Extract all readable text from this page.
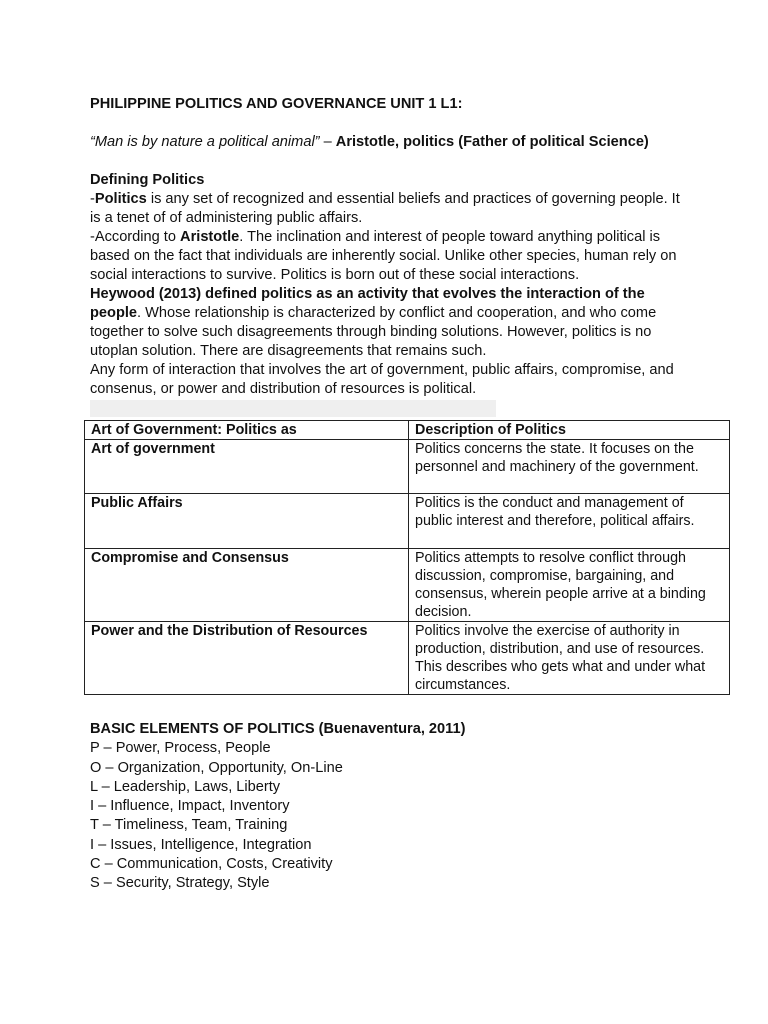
PHILIPPINE POLITICS AND GOVERNANCE UNIT 1 L1:

“Man is by nature a political animal” – Aristotle, politics (Father of political Science)

Defining Politics

-Politics is any set of recognized and essential beliefs and practices of governing people. It is a tenet of of administering public affairs.

-According to Aristotle. The inclination and interest of people toward anything political is based on the fact that individuals are inherently social. Unlike other species, human rely on social interactions to survive. Politics is born out of these social interactions.

Heywood (2013) defined politics as an activity that evolves the interaction of the people. Whose relationship is characterized by conflict and cooperation, and who come together to solve such disagreements through binding solutions. However, politics is no utoplan solution. There are disagreements that remains such.

Any form of interaction that involves the art of government, public affairs, compromise, and consenus, or power and distribution of resources is political.

Art of Government: Politics as	Description of Politics
Art of government	Politics concerns the state. It focuses on the personnel and machinery of the government.
Public Affairs	Politics is the conduct and management of public interest and therefore, political affairs.
Compromise and Consensus	Politics attempts to resolve conflict through discussion, compromise, bargaining, and consensus, wherein people arrive at a binding decision.
Power and the Distribution of Resources	Politics involve the exercise of authority in production, distribution, and use of resources. This describes who gets what and under what circumstances.

BASIC ELEMENTS OF POLITICS (Buenaventura, 2011)

P – Power, Process, People

O – Organization, Opportunity, On-Line

L – Leadership, Laws, Liberty

I – Influence, Impact, Inventory

T – Timeliness, Team, Training

I – Issues, Intelligence, Integration

C – Communication, Costs, Creativity

S – Security, Strategy, Style
